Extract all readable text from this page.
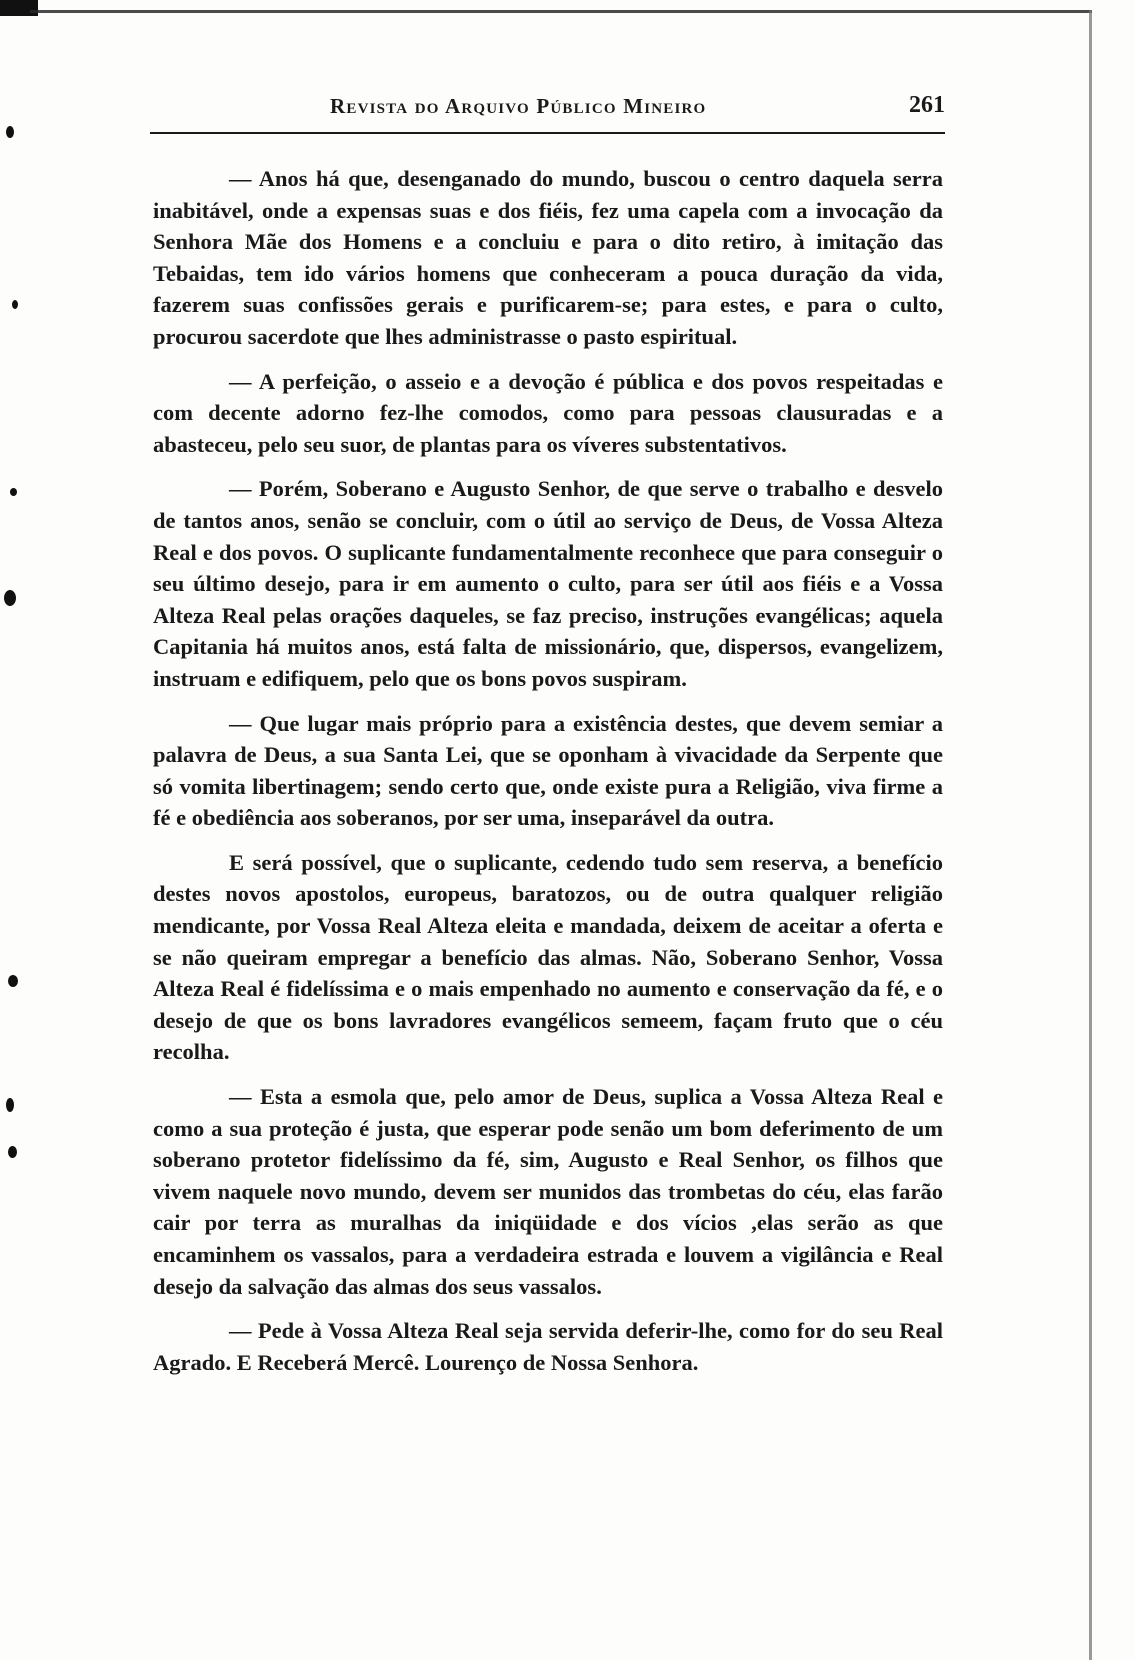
Revista do Arquivo Público Mineiro	261

— Anos há que, desenganado do mundo, buscou o centro daquela serra inabitável, onde a expensas suas e dos fiéis, fez uma capela com a invocação da Senhora Mãe dos Homens e a concluiu e para o dito retiro, à imitação das Tebaidas, tem ido vários homens que conheceram a pouca duração da vida, fazerem suas confissões gerais e purificarem-se; para estes, e para o culto, procurou sacerdote que lhes administrasse o pasto espiritual.

— A perfeição, o asseio e a devoção é pública e dos povos respeitadas e com decente adorno fez-lhe comodos, como para pessoas clausuradas e a abasteceu, pelo seu suor, de plantas para os víveres substentativos.

— Porém, Soberano e Augusto Senhor, de que serve o trabalho e desvelo de tantos anos, senão se concluir, com o útil ao serviço de Deus, de Vossa Alteza Real e dos povos. O suplicante fundamentalmente reconhece que para conseguir o seu último desejo, para ir em aumento o culto, para ser útil aos fiéis e a Vossa Alteza Real pelas orações daqueles, se faz preciso, instruções evangélicas; aquela Capitania há muitos anos, está falta de missionário, que, dispersos, evangelizem, instruam e edifiquem, pelo que os bons povos suspiram.

— Que lugar mais próprio para a existência destes, que devem semiar a palavra de Deus, a sua Santa Lei, que se oponham à vivacidade da Serpente que só vomita libertinagem; sendo certo que, onde existe pura a Religião, viva firme a fé e obediência aos soberanos, por ser uma, inseparável da outra.

E será possível, que o suplicante, cedendo tudo sem reserva, a benefício destes novos apostolos, europeus, baratozos, ou de outra qualquer religião mendicante, por Vossa Real Alteza eleita e mandada, deixem de aceitar a oferta e se não queiram empregar a benefício das almas. Não, Soberano Senhor, Vossa Alteza Real é fidelíssima e o mais empenhado no aumento e conservação da fé, e o desejo de que os bons lavradores evangélicos semeem, façam fruto que o céu recolha.

— Esta a esmola que, pelo amor de Deus, suplica a Vossa Alteza Real e como a sua proteção é justa, que esperar pode senão um bom deferimento de um soberano protetor fidelíssimo da fé, sim, Augusto e Real Senhor, os filhos que vivem naquele novo mundo, devem ser munidos das trombetas do céu, elas farão cair por terra as muralhas da iniqüidade e dos vícios ,elas serão as que encaminhem os vassalos, para a verdadeira estrada e louvem a vigilância e Real desejo da salvação das almas dos seus vassalos.

— Pede à Vossa Alteza Real seja servida deferir-lhe, como for do seu Real Agrado. E Receberá Mercê. Lourenço de Nossa Senhora.
